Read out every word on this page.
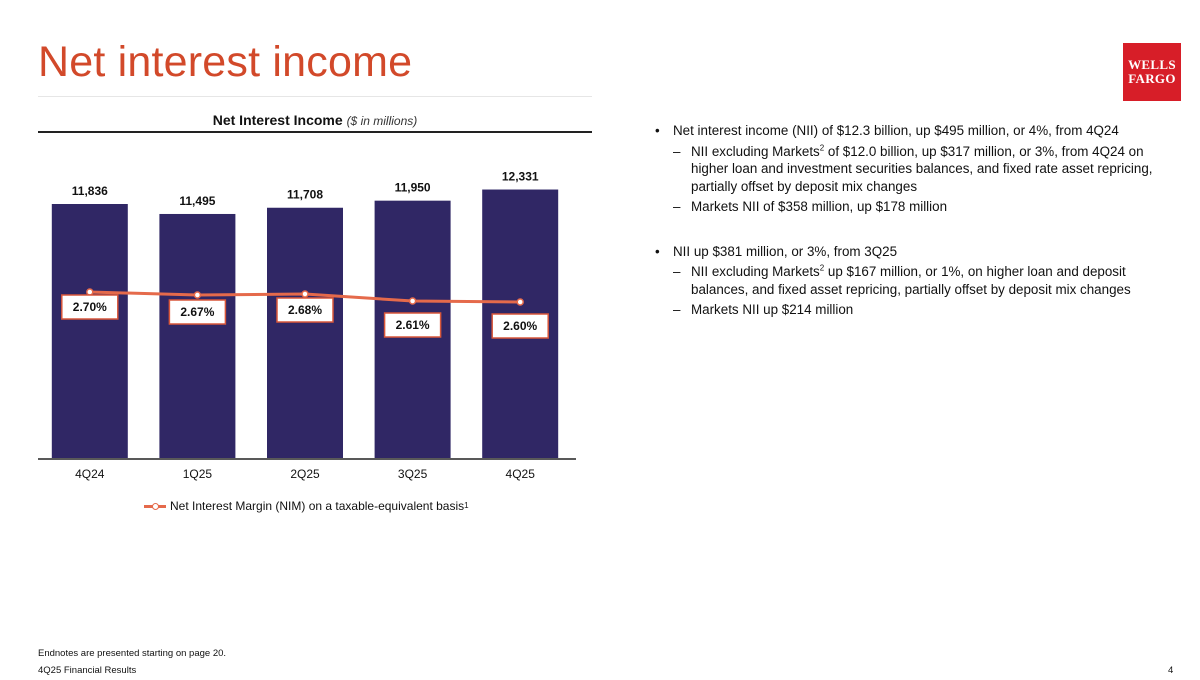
Net interest income	WELLS
FARGO
Net Interest Income ($ in millions)
11,836
4Q24
11,495
1Q25
11,708
2Q25
11,950
3Q25
12,331
4Q25
2.70%	2.67%	2.68%
2.61%	2.60%
Net Interest Margin (NIM) on a taxable-equivalent basis 1
• Net interest income (NII) of $12.3 billion, up $495 million, or 4%, from 4Q24
– NII excluding Markets$^2$ of $12.0 billion, up $317 million, or 3%, from 4Q24 on higher loan and investment securities balances, and fixed rate asset repricing, partially offset by deposit mix changes
– Markets NII of $358 million, up $178 million
• NII up $381 million, or 3%, from 3Q25
– NII excluding Markets$^2$ up $167 million, or 1%, on higher loan and deposit balances, and fixed asset repricing, partially offset by deposit mix changes
– Markets NII up $214 million
Endnotes are presented starting on page 20.
4Q25 Financial Results	4
